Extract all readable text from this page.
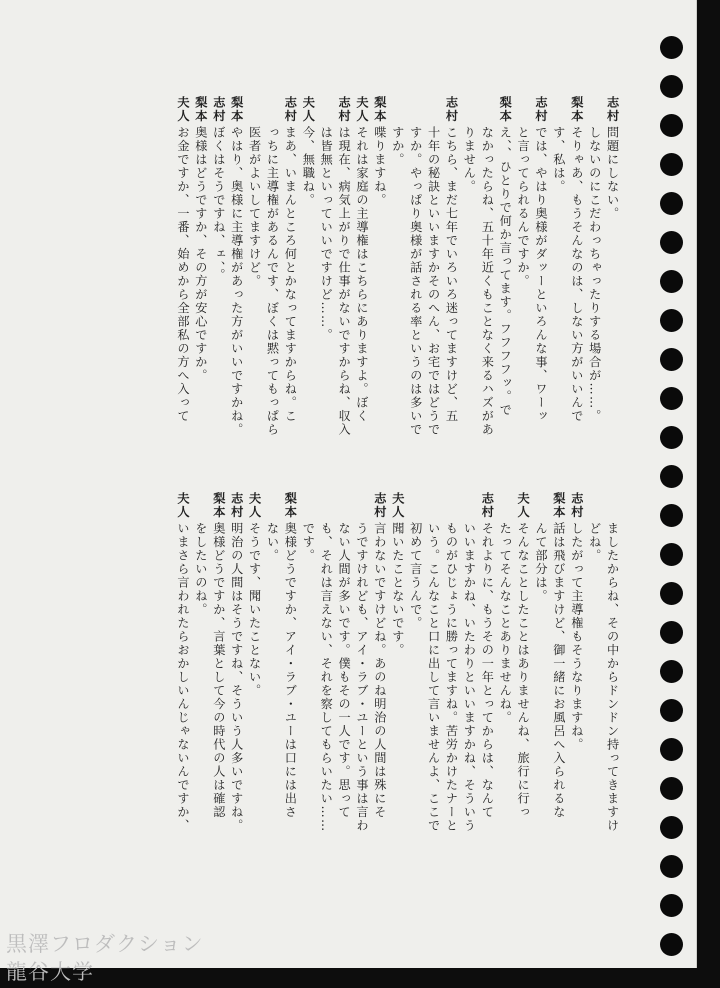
志村
問題にしない。
しないのにこだわっちゃったりする場合が……。
梨本
そりゃあ、もうそんなのは、しない方がいいんで
す、私は。
志村
では、やはり奥様がダッーといろんな事、ワーッ
と言ってられるんですか。
梨本
え、、ひとりで何か言ってます。フフフフッ。で
なかったらね、五十年近くもことなく来るハズがあ
りません。
志村
こちら、まだ七年でいろいろ迷ってますけど、五
十年の秘訣といいますかそのへん、お宅ではどうで
すか。やっぱり奥様が話される率というのは多いで
すか。
梨本
喋りますね。
夫人
それは家庭の主導権はこちらにありますよ。ぼく
志村
は現在、病気上がりで仕事がないですからね、収入
は皆無といっていいですけど……。
夫人
今、無職ね。
志村
まあ、いまんところ何とかなってますからね。こ
っちに主導権があるんです、ぼくは黙ってもっぱら
医者がよいしてますけど。
梨本
やはり、奥様に主導権があった方がいいですかね。
志村
ぼくはそうですね、ェ、。
梨本
奥様はどうですか、その方が安心ですか。
夫人
お金ですか、一番、始めから全部私の方へ入って
ましたからね、その中からドンドン持ってきますけ
どね。
志村
したがって主導権もそうなりますね。
梨本
話は飛びますけど、御一緒にお風呂へ入られるな
んて部分は。
夫人
そんなことしたことはありませんね、旅行に行っ
たってそんなことありませんね。
志村
それよりに、もうその一年とってからは、なんて
いいますかね、いたわりといいますかね、そういう
ものがひじょうに勝ってますね。苦労かけたナーと
いう。こんなこと口に出して言いませんよ、ここで
初めて言うんで。
夫人
聞いたことないです。
志村
言わないですけどね。あのね明治の人間は殊にそ
うですけれども、アイ・ラブ・ユーという事は言わ
ない人間が多いです。僕もその一人です。思って
も、それは言えない、それを察してもらいたい……
です。
梨本
奥様どうですか、アイ・ラブ・ユーは口には出さ
ない。
夫人
そうです、聞いたことない。
志村
明治の人間はそうですね、そういう人多いですね。
梨本
奥様どうですか、言葉として今の時代の人は確認
をしたいのね。
夫人
いまさら言われたらおかしいんじゃないんですか、
黒澤フロダクション
龍谷大学
